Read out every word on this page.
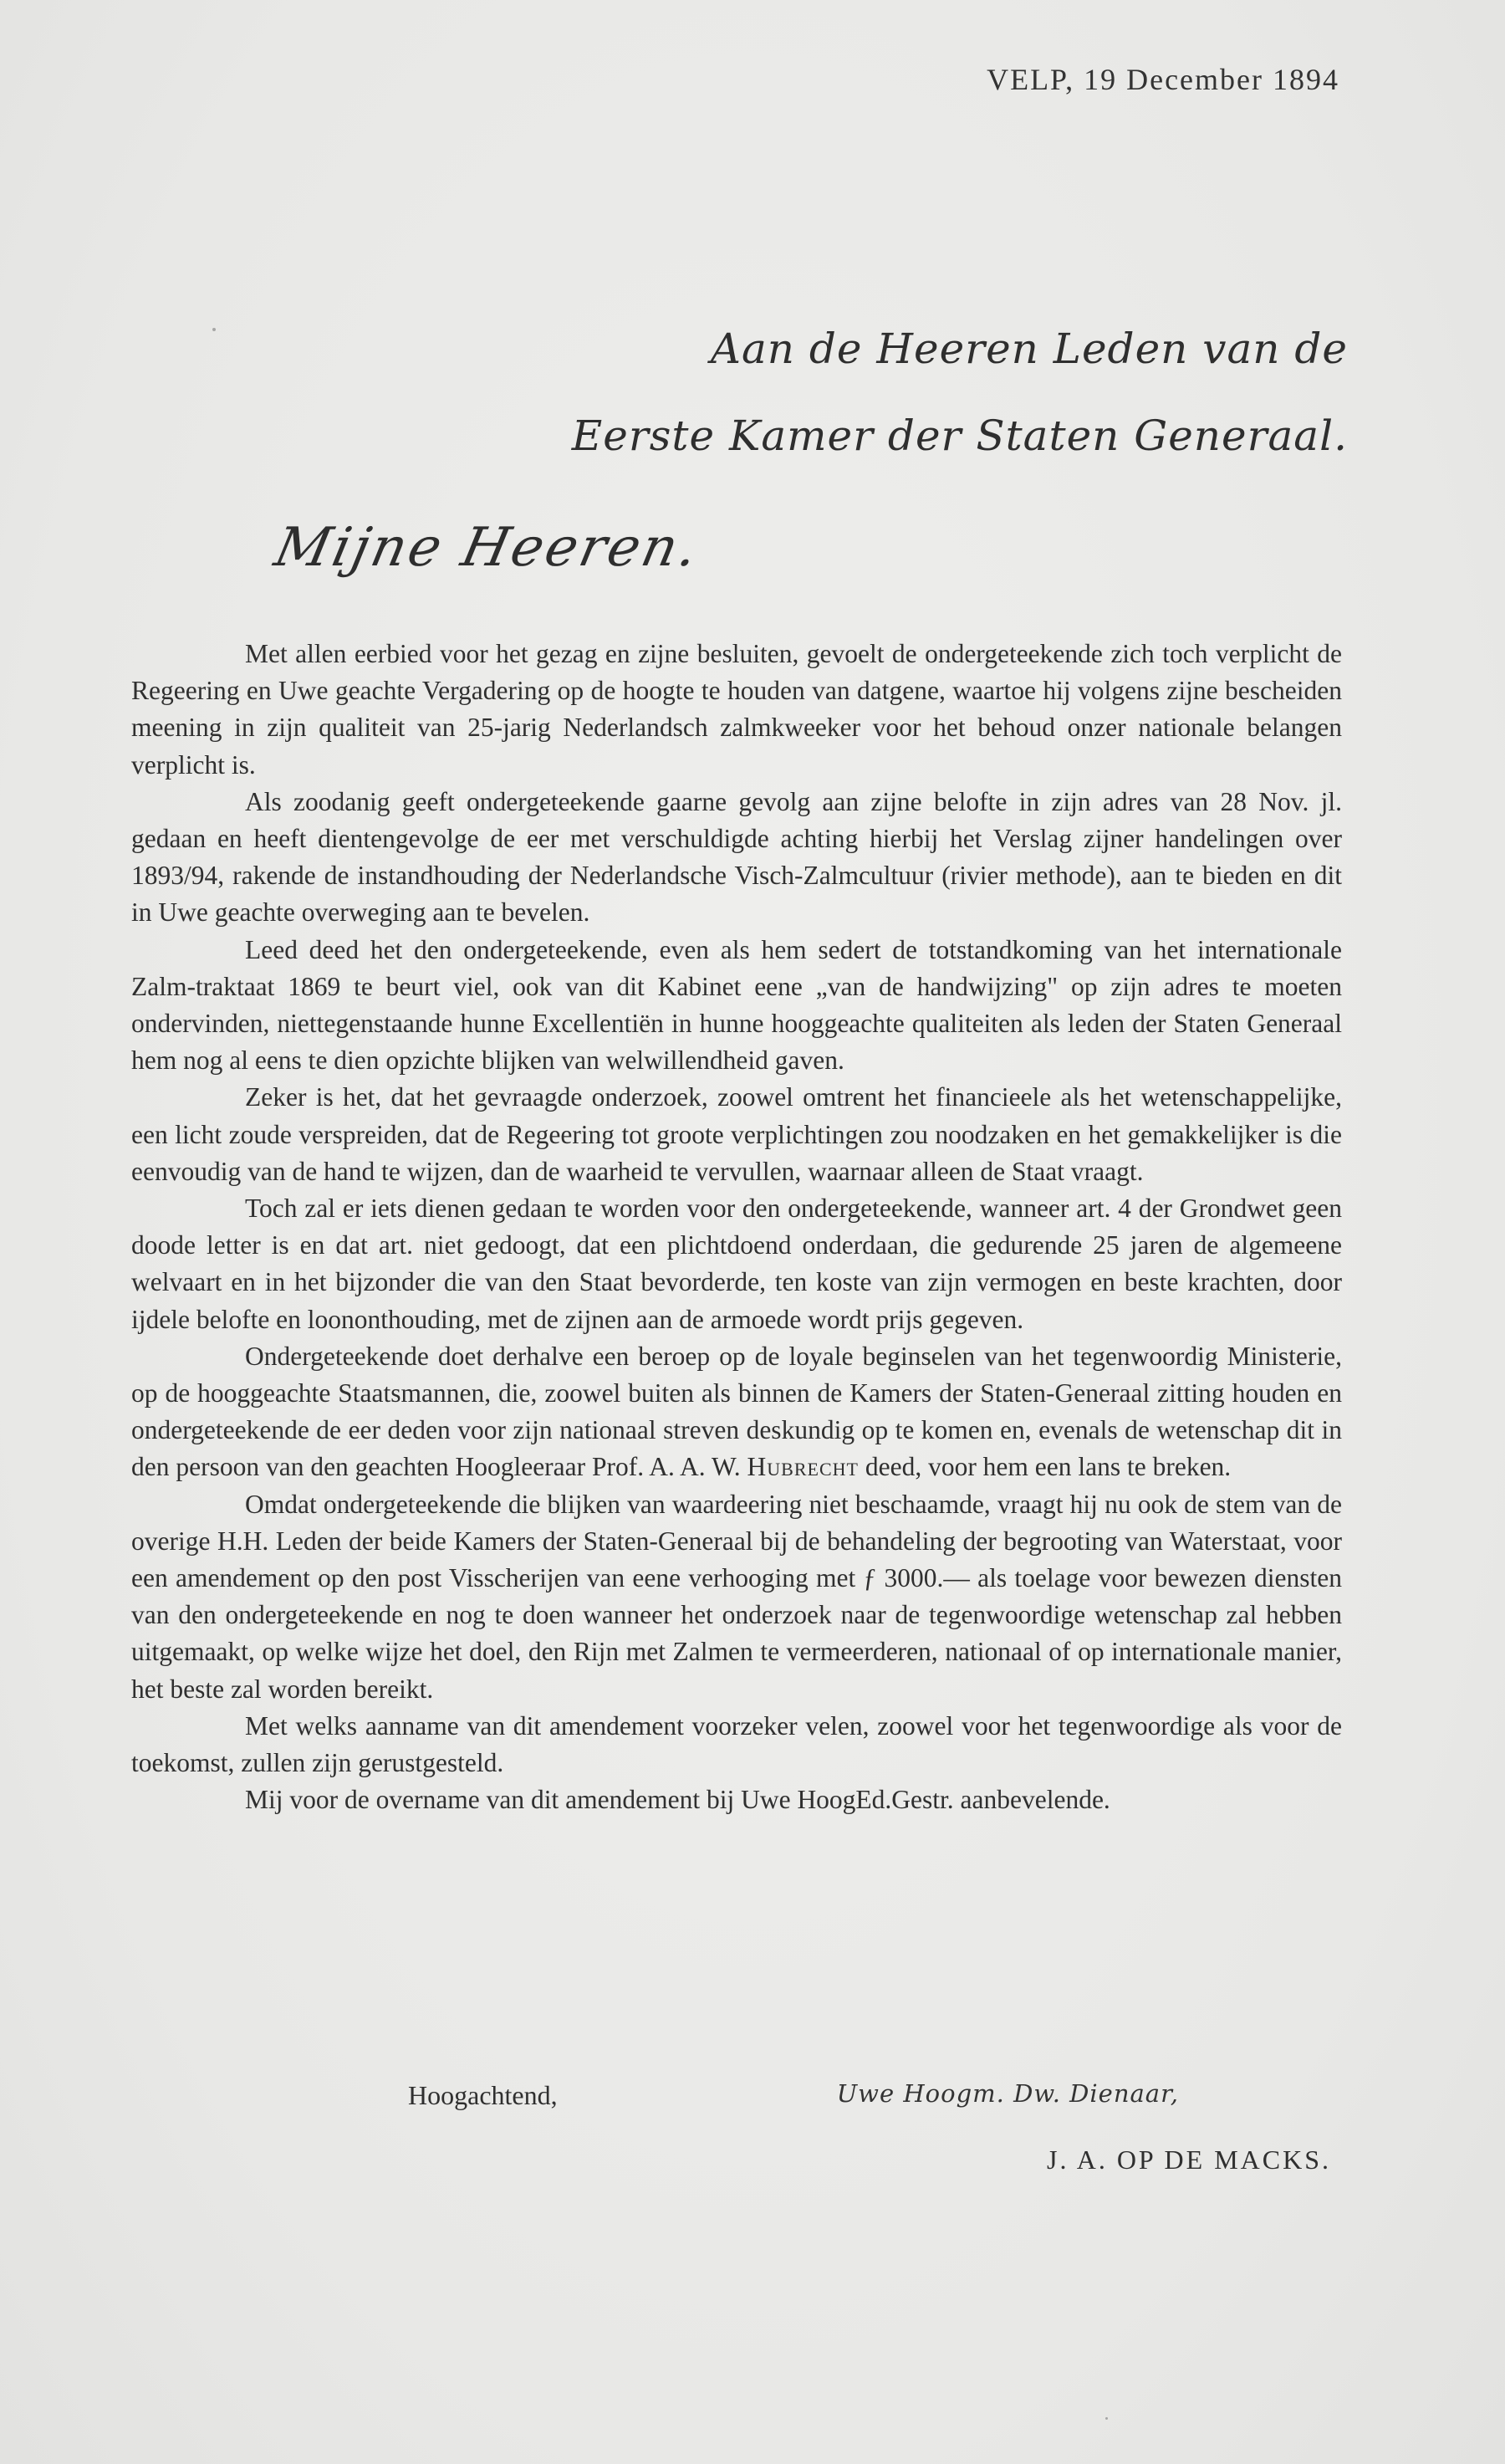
VELP, 19 December 1894
Aan de Heeren Leden van de
Eerste Kamer der Staten Generaal.
Mijne Heeren.

Met allen eerbied voor het gezag en zijne besluiten, gevoelt de ondergeteekende zich toch verplicht de Regeering en Uwe geachte Vergadering op de hoogte te houden van datgene, waartoe hij volgens zijne bescheiden meening in zijn qualiteit van 25-jarig Nederlandsch zalmkweeker voor het behoud onzer nationale belangen verplicht is.

Als zoodanig geeft ondergeteekende gaarne gevolg aan zijne belofte in zijn adres van 28 Nov. jl. gedaan en heeft dientengevolge de eer met verschuldigde achting hierbij het Verslag zijner handelingen over 1893/94, rakende de instandhouding der Nederlandsche Visch-Zalmcultuur (rivier methode), aan te bieden en dit in Uwe geachte overweging aan te bevelen.

Leed deed het den ondergeteekende, even als hem sedert de totstandkoming van het internationale Zalm-traktaat 1869 te beurt viel, ook van dit Kabinet eene „van de handwijzing" op zijn adres te moeten ondervinden, niettegenstaande hunne Excellentiën in hunne hooggeachte qualiteiten als leden der Staten Generaal hem nog al eens te dien opzichte blijken van welwillendheid gaven.

Zeker is het, dat het gevraagde onderzoek, zoowel omtrent het financieele als het wetenschappelijke, een licht zoude verspreiden, dat de Regeering tot groote verplichtingen zou noodzaken en het gemakkelijker is die eenvoudig van de hand te wijzen, dan de waarheid te vervullen, waarnaar alleen de Staat vraagt.

Toch zal er iets dienen gedaan te worden voor den ondergeteekende, wanneer art. 4 der Grondwet geen doode letter is en dat art. niet gedoogt, dat een plichtdoend onderdaan, die gedurende 25 jaren de algemeene welvaart en in het bijzonder die van den Staat bevorderde, ten koste van zijn vermogen en beste krachten, door ijdele belofte en loononthouding, met de zijnen aan de armoede wordt prijs gegeven.

Ondergeteekende doet derhalve een beroep op de loyale beginselen van het tegenwoordig Ministerie, op de hooggeachte Staatsmannen, die, zoowel buiten als binnen de Kamers der Staten-Generaal zitting houden en ondergeteekende de eer deden voor zijn nationaal streven deskundig op te komen en, evenals de wetenschap dit in den persoon van den geachten Hoogleeraar Prof. A. A. W. Hubrecht deed, voor hem een lans te breken.

Omdat ondergeteekende die blijken van waardeering niet beschaamde, vraagt hij nu ook de stem van de overige H.H. Leden der beide Kamers der Staten-Generaal bij de behandeling der begrooting van Waterstaat, voor een amendement op den post Visscherijen van eene verhooging met ƒ 3000.— als toelage voor bewezen diensten van den ondergeteekende en nog te doen wanneer het onderzoek naar de tegenwoordige wetenschap zal hebben uitgemaakt, op welke wijze het doel, den Rijn met Zalmen te vermeerderen, nationaal of op internationale manier, het beste zal worden bereikt.

Met welks aanname van dit amendement voorzeker velen, zoowel voor het tegenwoordige als voor de toekomst, zullen zijn gerustgesteld.

Mij voor de overname van dit amendement bij Uwe HoogEd.Gestr. aanbevelende.

Hoogachtend,	Uwe Hoogm. Dw. Dienaar,
J. A. OP DE MACKS.
